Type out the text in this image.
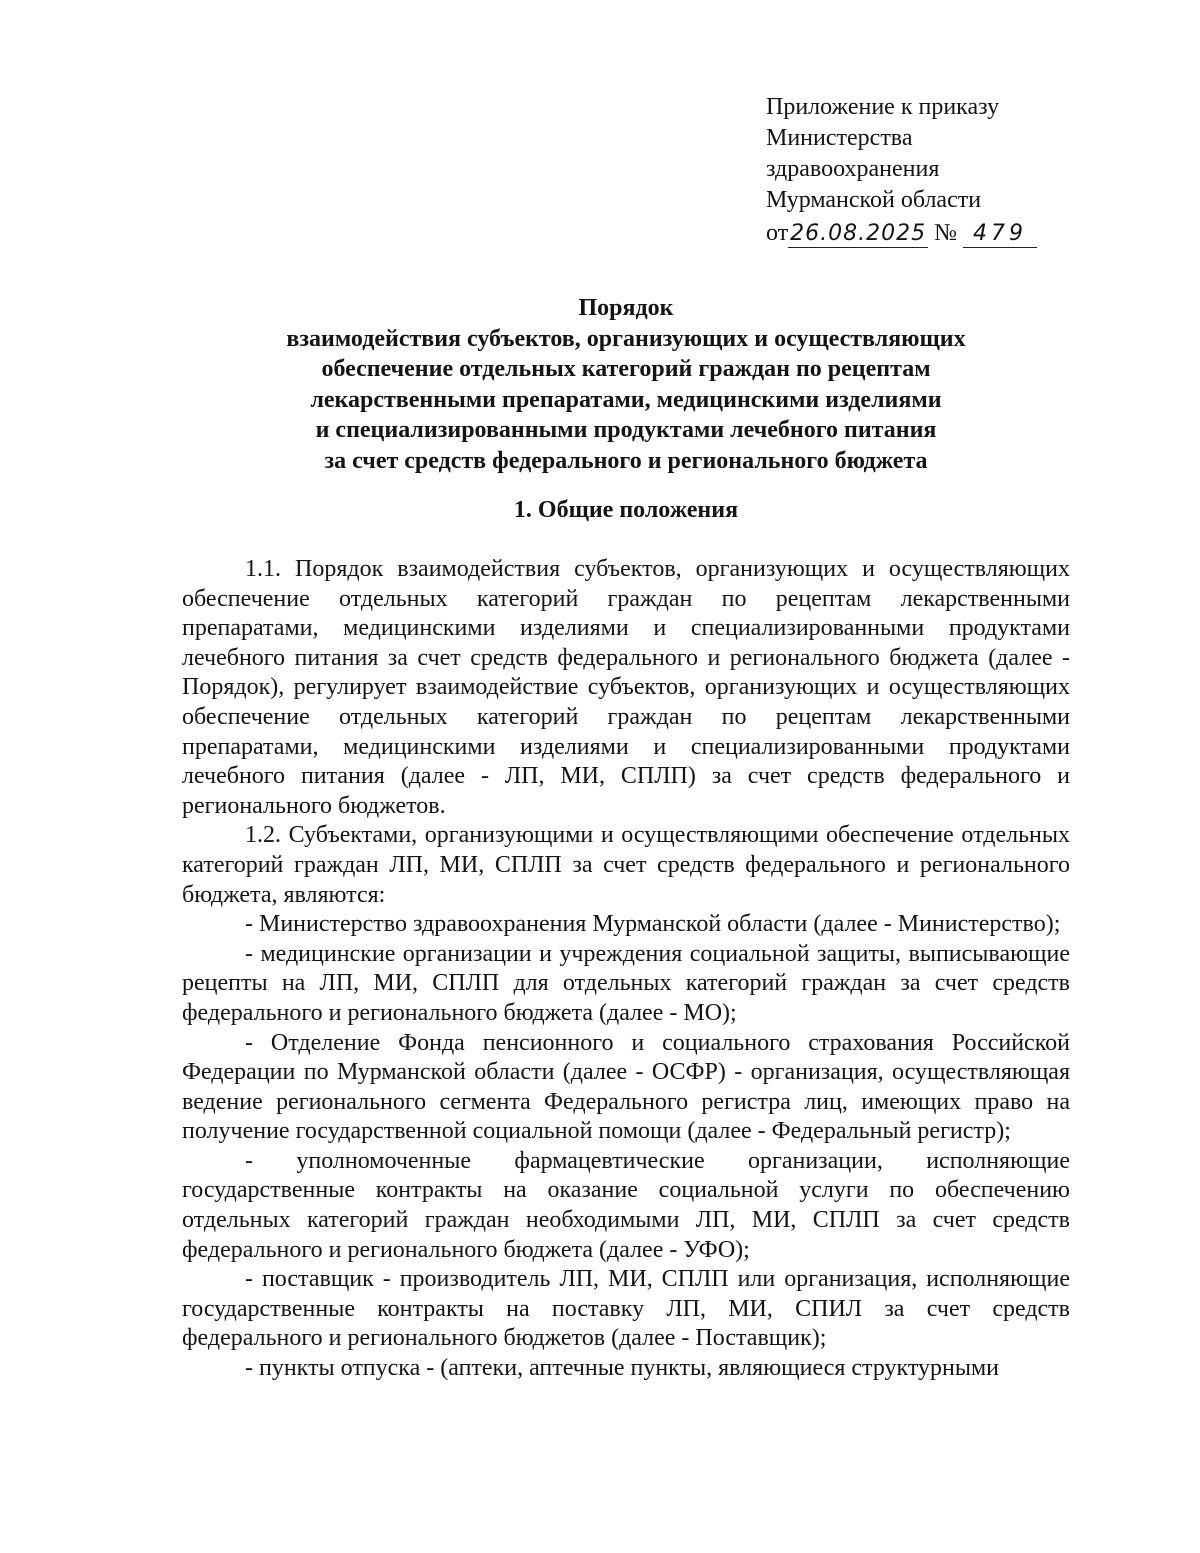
Приложение к приказу
Министерства
здравоохранения
Мурманской области
от26.08.2025 № 479
Порядок
взаимодействия субъектов, организующих и осуществляющих
обеспечение отдельных категорий граждан по рецептам
лекарственными препаратами, медицинскими изделиями
и специализированными продуктами лечебного питания
за счет средств федерального и регионального бюджета
1. Общие положения

1.1. Порядок взаимодействия субъектов, организующих и осуществляющих обеспечение отдельных категорий граждан по рецептам лекарственными препаратами, медицинскими изделиями и специализированными продуктами лечебного питания за счет средств федерального и регионального бюджета (далее - Порядок), регулирует взаимодействие субъектов, организующих и осуществляющих обеспечение отдельных категорий граждан по рецептам лекарственными препаратами, медицинскими изделиями и специализированными продуктами лечебного питания (далее - ЛП, МИ, СПЛП) за счет средств федерального и регионального бюджетов.

1.2. Субъектами, организующими и осуществляющими обеспечение отдельных категорий граждан ЛП, МИ, СПЛП за счет средств федерального и регионального бюджета, являются:

- Министерство здравоохранения Мурманской области (далее - Министерство);

- медицинские организации и учреждения социальной защиты, выписывающие рецепты на ЛП, МИ, СПЛП для отдельных категорий граждан за счет средств федерального и регионального бюджета (далее - МО);

- Отделение Фонда пенсионного и социального страхования Российской Федерации по Мурманской области (далее - ОСФР) - организация, осуществляющая ведение регионального сегмента Федерального регистра лиц, имеющих право на получение государственной социальной помощи (далее - Федеральный регистр);

- уполномоченные фармацевтические организации, исполняющие государственные контракты на оказание социальной услуги по обеспечению отдельных категорий граждан необходимыми ЛП, МИ, СПЛП за счет средств федерального и регионального бюджета (далее - УФО);

- поставщик - производитель ЛП, МИ, СПЛП или организация, исполняющие государственные контракты на поставку ЛП, МИ, СПИЛ за счет средств федерального и регионального бюджетов (далее - Поставщик);

- пункты отпуска - (аптеки, аптечные пункты, являющиеся структурными
